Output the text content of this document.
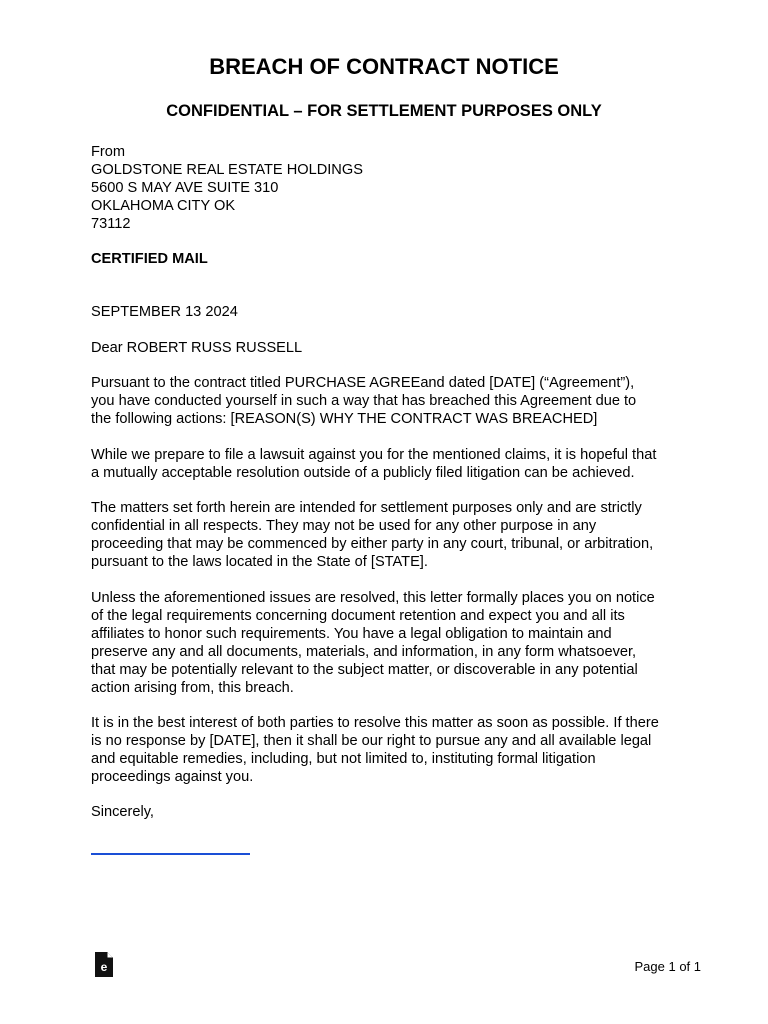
BREACH OF CONTRACT NOTICE
CONFIDENTIAL – FOR SETTLEMENT PURPOSES ONLY
From
GOLDSTONE REAL ESTATE HOLDINGS
5600 S MAY AVE SUITE 310
OKLAHOMA CITY OK
73112
CERTIFIED MAIL
SEPTEMBER 13 2024
Dear ROBERT RUSS RUSSELL
Pursuant to the contract titled PURCHASE AGREEand dated [DATE] (“Agreement”),
you have conducted yourself in such a way that has breached this Agreement due to
the following actions: [REASON(S) WHY THE CONTRACT WAS BREACHED]
While we prepare to file a lawsuit against you for the mentioned claims, it is hopeful that
a mutually acceptable resolution outside of a publicly filed litigation can be achieved.
The matters set forth herein are intended for settlement purposes only and are strictly
confidential in all respects. They may not be used for any other purpose in any
proceeding that may be commenced by either party in any court, tribunal, or arbitration,
pursuant to the laws located in the State of [STATE].
Unless the aforementioned issues are resolved, this letter formally places you on notice
of the legal requirements concerning document retention and expect you and all its
affiliates to honor such requirements. You have a legal obligation to maintain and
preserve any and all documents, materials, and information, in any form whatsoever,
that may be potentially relevant to the subject matter, or discoverable in any potential
action arising from, this breach.
It is in the best interest of both parties to resolve this matter as soon as possible. If there
is no response by [DATE], then it shall be our right to pursue any and all available legal
and equitable remedies, including, but not limited to, instituting formal litigation
proceedings against you.
Sincerely,
e	Page 1 of 1
